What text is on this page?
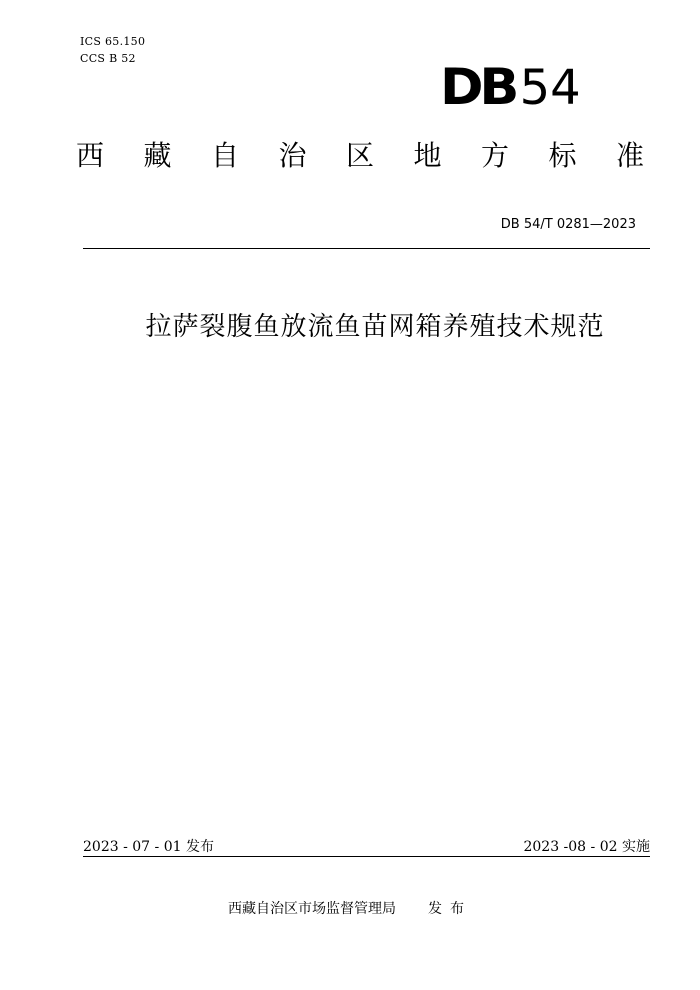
ICS 65.150
CCS B 52	DB54
西 藏 自 治 区 地 方 标 准
DB 54/T 0281—2023
拉萨裂腹鱼放流鱼苗网箱养殖技术规范
2023 - 07 - 01 发布	2023 -08 - 02 实施
西藏自治区市场监督管理局 发布
